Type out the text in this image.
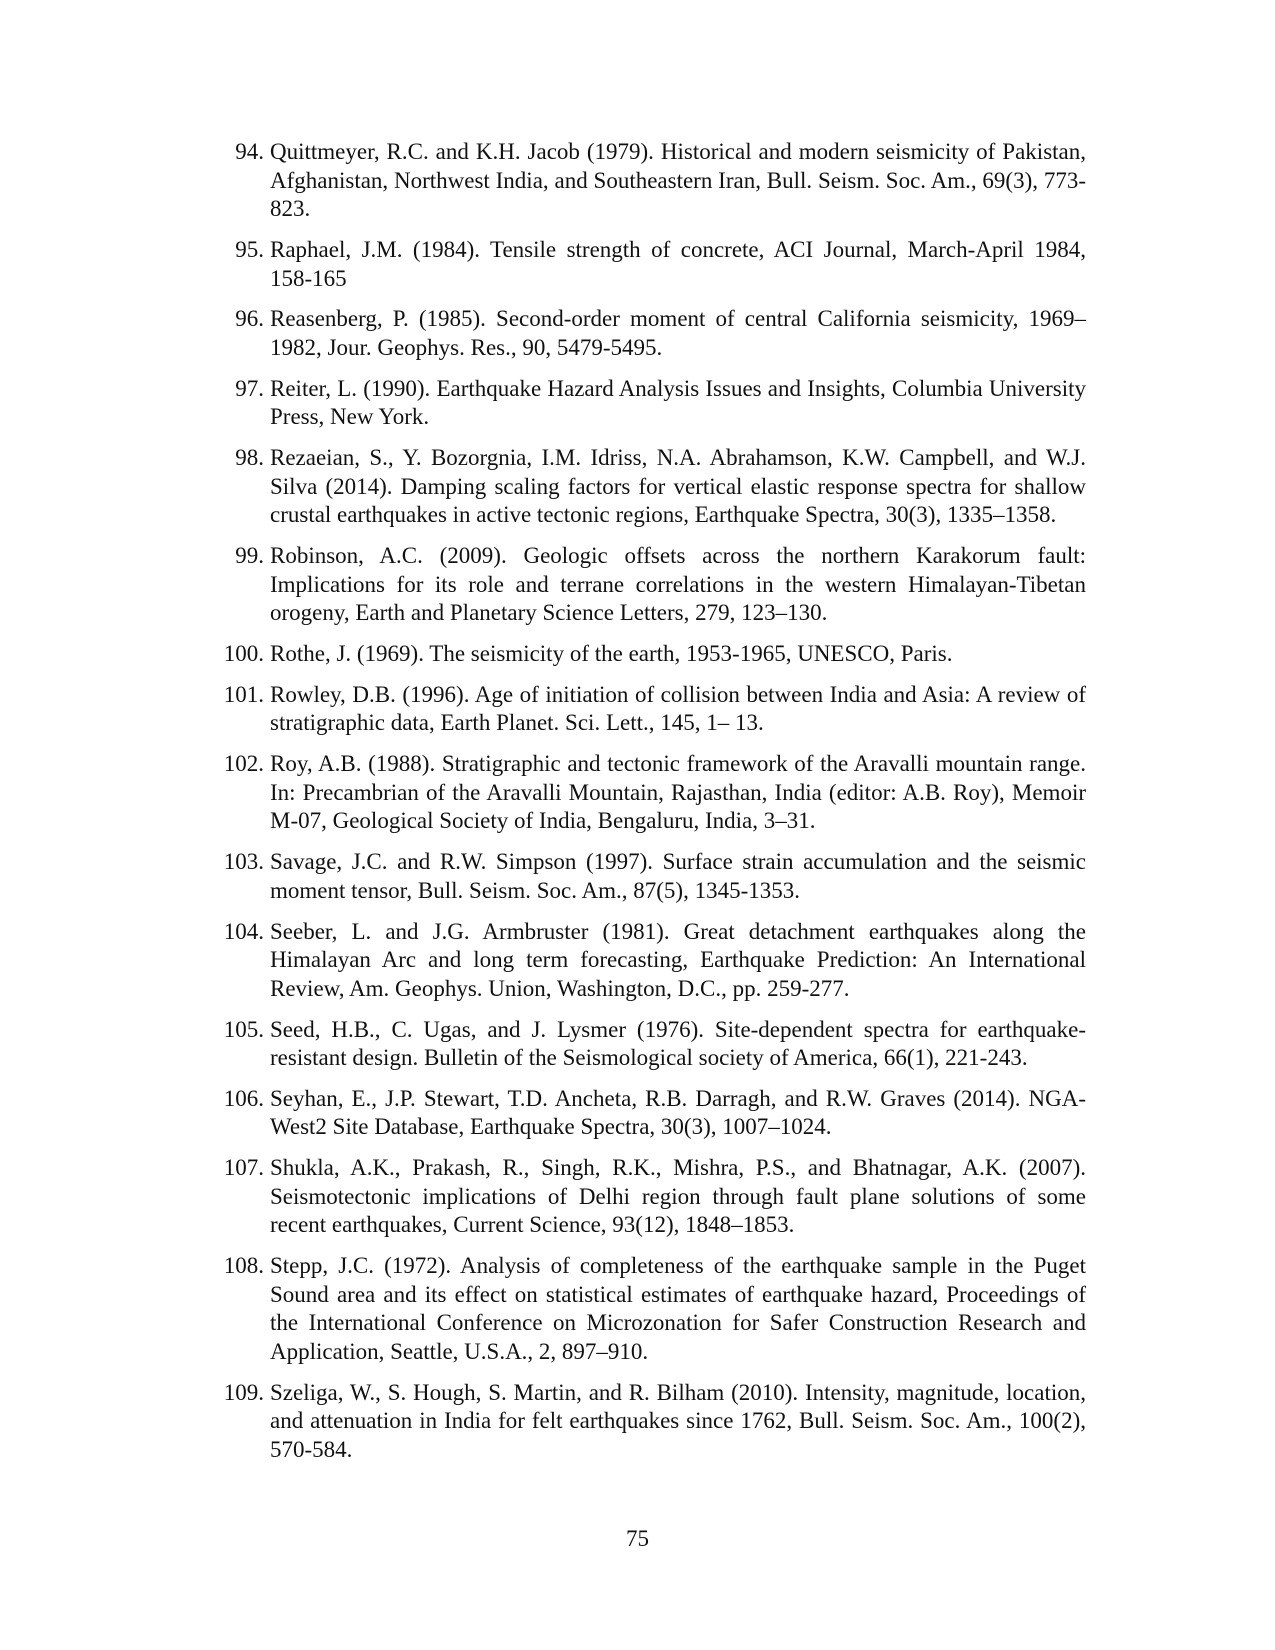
94. Quittmeyer, R.C. and K.H. Jacob (1979). Historical and modern seismicity of Pakistan, Afghanistan, Northwest India, and Southeastern Iran, Bull. Seism. Soc. Am., 69(3), 773-823.
95. Raphael, J.M. (1984). Tensile strength of concrete, ACI Journal, March-April 1984, 158-165
96. Reasenberg, P. (1985). Second-order moment of central California seismicity, 1969–1982, Jour. Geophys. Res., 90, 5479-5495.
97. Reiter, L. (1990). Earthquake Hazard Analysis Issues and Insights, Columbia University Press, New York.
98. Rezaeian, S., Y. Bozorgnia, I.M. Idriss, N.A. Abrahamson, K.W. Campbell, and W.J. Silva (2014). Damping scaling factors for vertical elastic response spectra for shallow crustal earthquakes in active tectonic regions, Earthquake Spectra, 30(3), 1335–1358.
99. Robinson, A.C. (2009). Geologic offsets across the northern Karakorum fault: Implications for its role and terrane correlations in the western Himalayan-Tibetan orogeny, Earth and Planetary Science Letters, 279, 123–130.
100. Rothe, J. (1969). The seismicity of the earth, 1953-1965, UNESCO, Paris.
101. Rowley, D.B. (1996). Age of initiation of collision between India and Asia: A review of stratigraphic data, Earth Planet. Sci. Lett., 145, 1– 13.
102. Roy, A.B. (1988). Stratigraphic and tectonic framework of the Aravalli mountain range. In: Precambrian of the Aravalli Mountain, Rajasthan, India (editor: A.B. Roy), Memoir M-07, Geological Society of India, Bengaluru, India, 3–31.
103. Savage, J.C. and R.W. Simpson (1997). Surface strain accumulation and the seismic moment tensor, Bull. Seism. Soc. Am., 87(5), 1345-1353.
104. Seeber, L. and J.G. Armbruster (1981). Great detachment earthquakes along the Himalayan Arc and long term forecasting, Earthquake Prediction: An International Review, Am. Geophys. Union, Washington, D.C., pp. 259-277.
105. Seed, H.B., C. Ugas, and J. Lysmer (1976). Site-dependent spectra for earthquake-resistant design. Bulletin of the Seismological society of America, 66(1), 221-243.
106. Seyhan, E., J.P. Stewart, T.D. Ancheta, R.B. Darragh, and R.W. Graves (2014). NGA-West2 Site Database, Earthquake Spectra, 30(3), 1007–1024.
107. Shukla, A.K., Prakash, R., Singh, R.K., Mishra, P.S., and Bhatnagar, A.K. (2007). Seismotectonic implications of Delhi region through fault plane solutions of some recent earthquakes, Current Science, 93(12), 1848–1853.
108. Stepp, J.C. (1972). Analysis of completeness of the earthquake sample in the Puget Sound area and its effect on statistical estimates of earthquake hazard, Proceedings of the International Conference on Microzonation for Safer Construction Research and Application, Seattle, U.S.A., 2, 897–910.
109. Szeliga, W., S. Hough, S. Martin, and R. Bilham (2010). Intensity, magnitude, location, and attenuation in India for felt earthquakes since 1762, Bull. Seism. Soc. Am., 100(2), 570-584.
75
